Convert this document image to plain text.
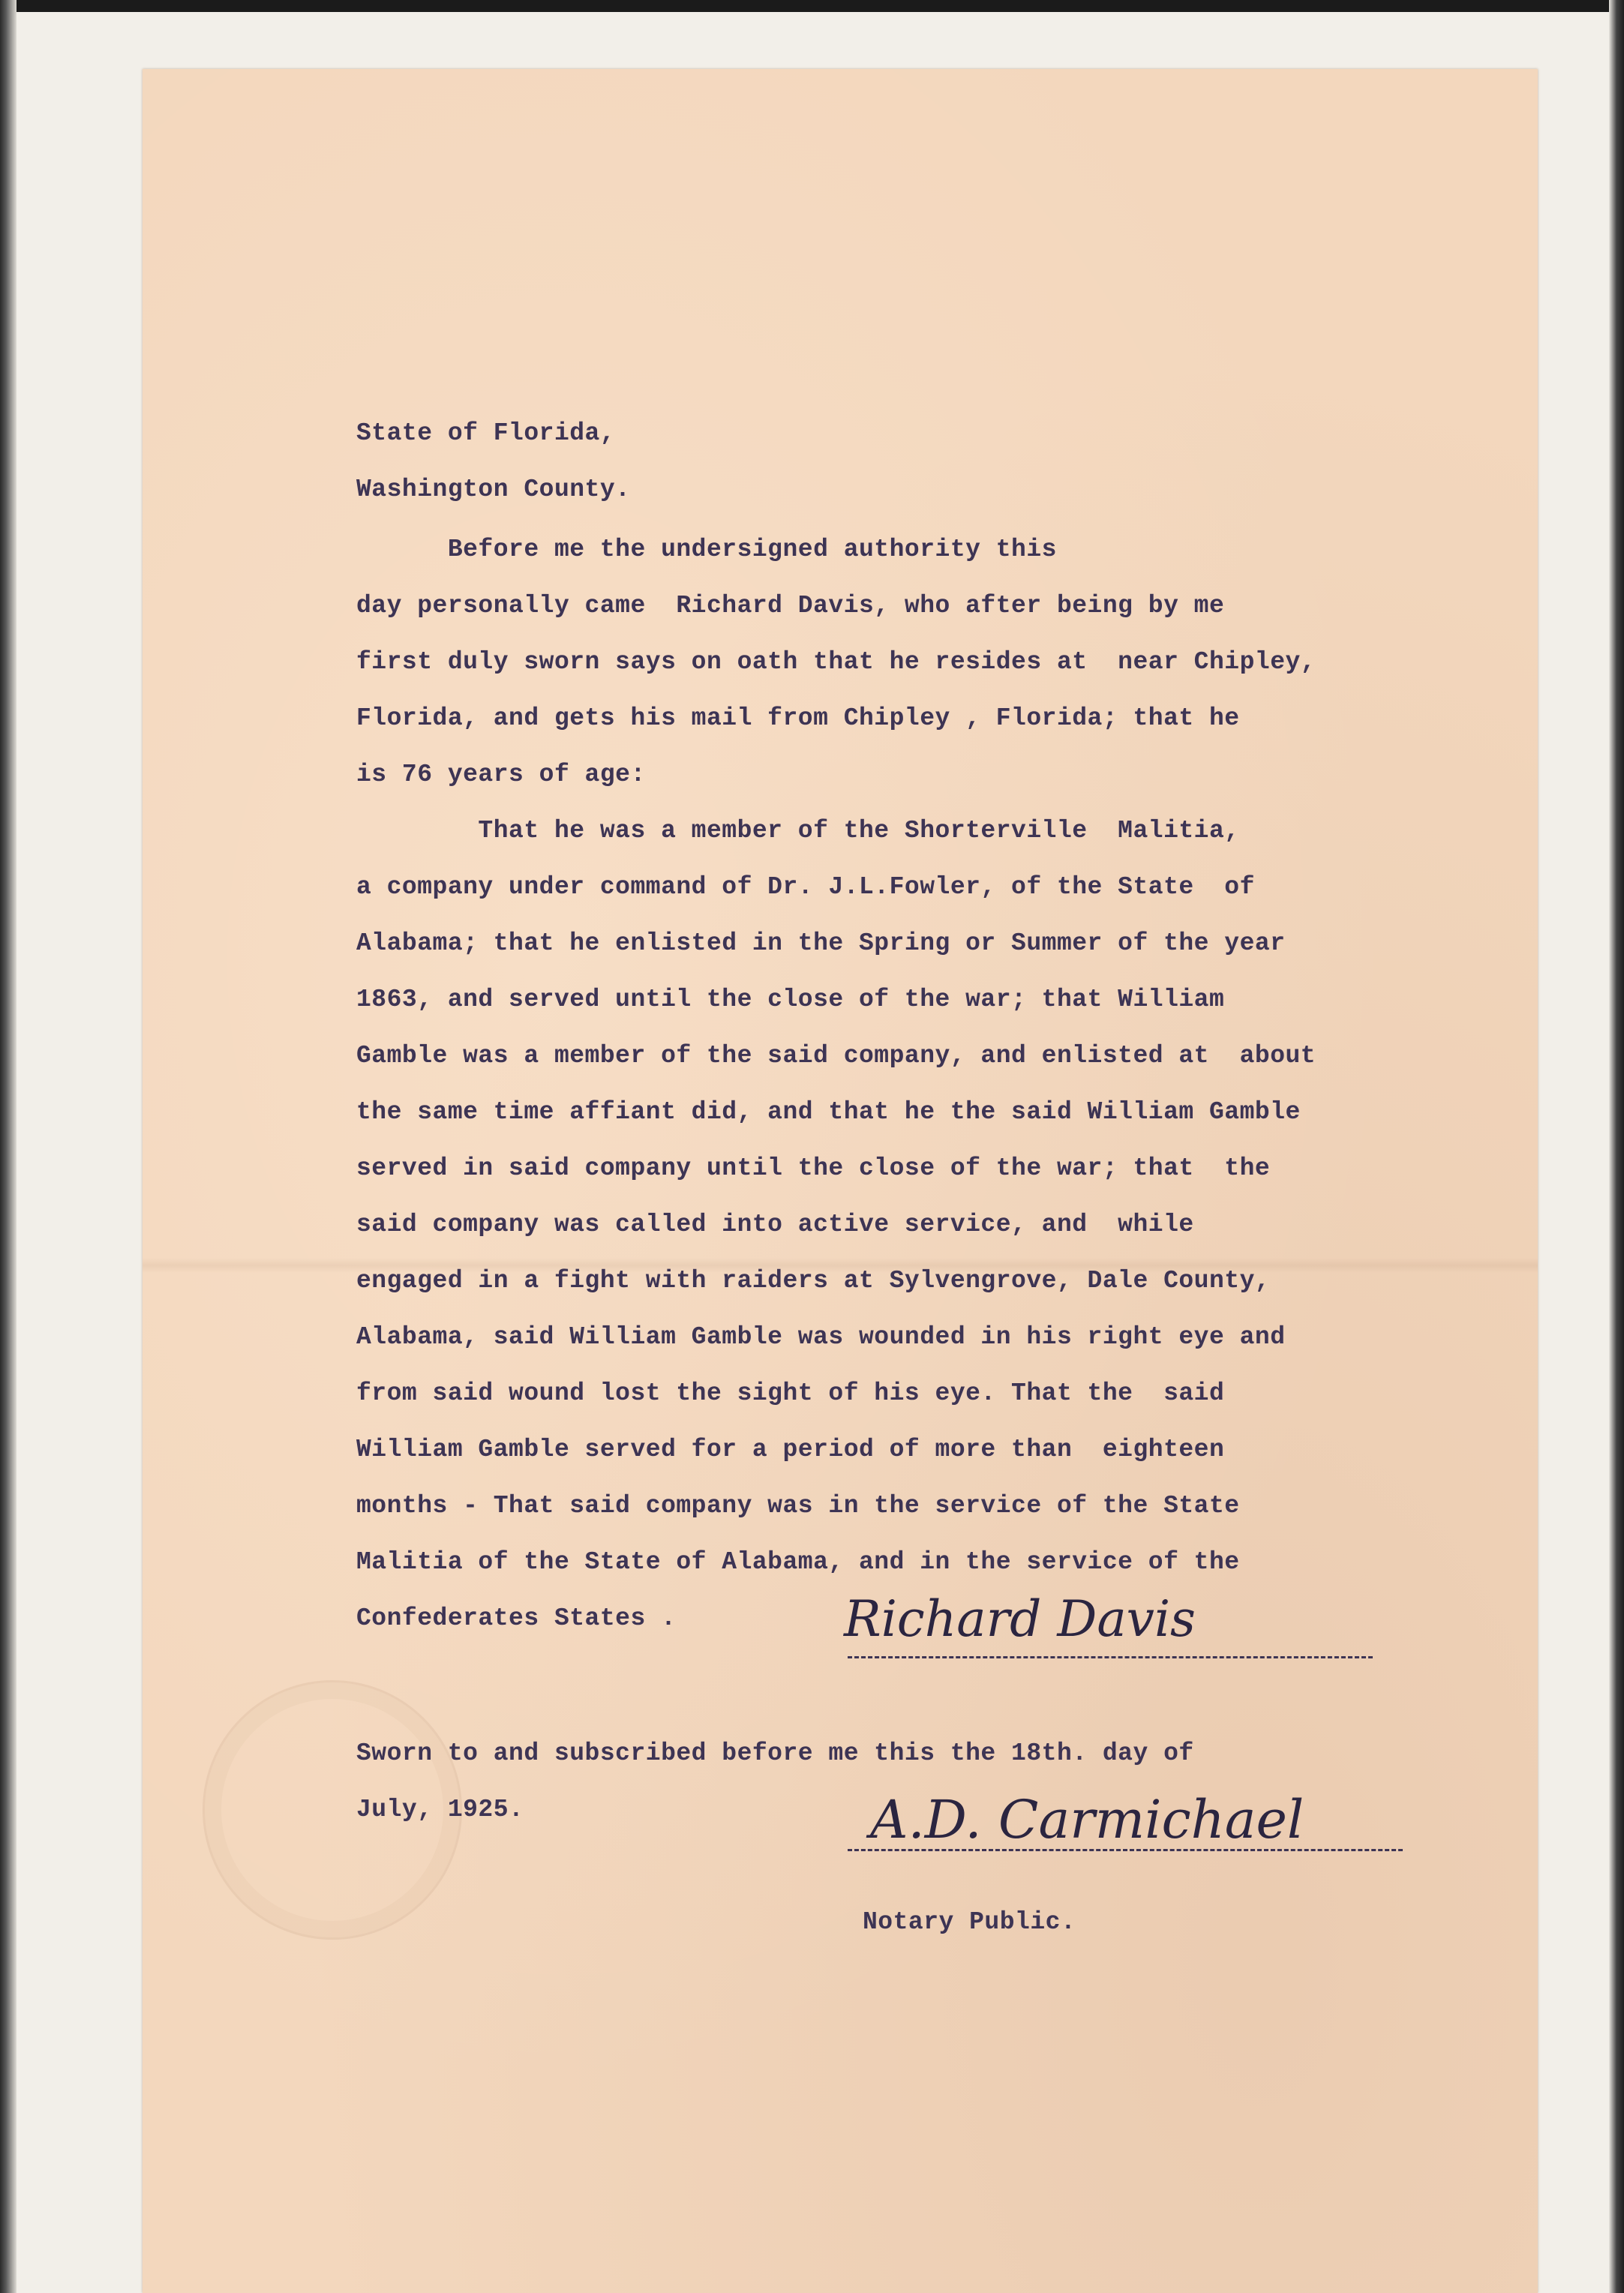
State of Florida,

Washington County.

Before me the undersigned authority this

day personally came  Richard Davis, who after being by me

first duly sworn says on oath that he resides at  near Chipley,

Florida, and gets his mail from Chipley , Florida; that he

is 76 years of age:

That he was a member of the Shorterville  Malitia,

a company under command of Dr. J.L.Fowler, of the State  of

Alabama; that he enlisted in the Spring or Summer of the year

1863, and served until the close of the war; that William

Gamble was a member of the said company, and enlisted at  about

the same time affiant did, and that he the said William Gamble

served in said company until the close of the war; that  the

said company was called into active service, and  while

engaged in a fight with raiders at Sylvengrove, Dale County,

Alabama, said William Gamble was wounded in his right eye and

from said wound lost the sight of his eye. That the  said

William Gamble served for a period of more than  eighteen

months - That said company was in the service of the State

Malitia of the State of Alabama, and in the service of the

Confederates States .

Sworn to and subscribed before me this the 18th. day of

July, 1925.

Notary Public.

Richard Davis
A.D. Carmichael
